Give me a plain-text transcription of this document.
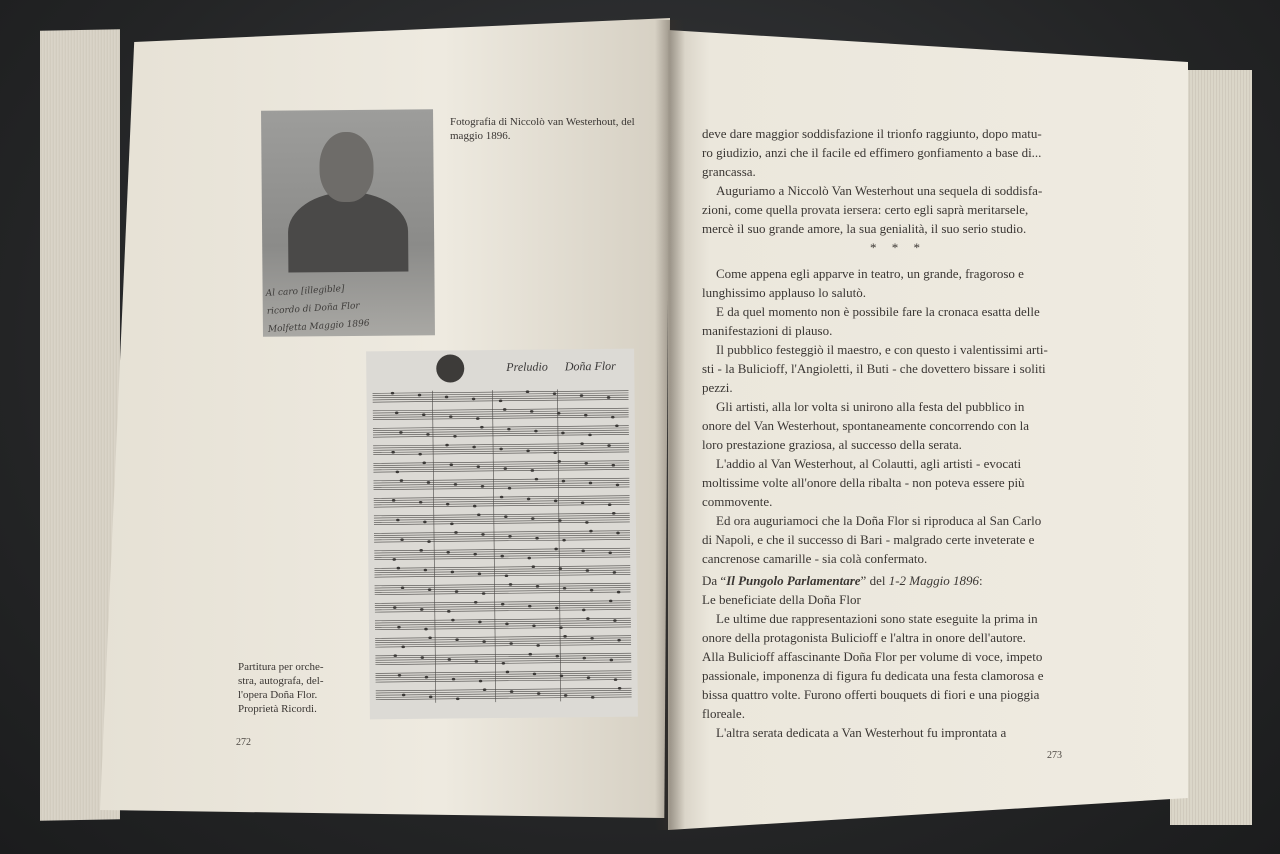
Al caro [illegible]
ricordo di Doña Flor
Molfetta Maggio 1896
Fotografia di Niccolò van Westerhout, del maggio 1896.
Preludio Doña Flor
Partitura per orche-
stra, autografa, del-
l'opera Doña Flor.
Proprietà Ricordi.
272

deve dare maggior soddisfazione il trionfo raggiunto, dopo matu-

ro giudizio, anzi che il facile ed effimero gonfiamento a base di...

grancassa.

Auguriamo a Niccolò Van Westerhout una sequela di soddisfa-

zioni, come quella provata iersera: certo egli saprà meritarsele,

mercè il suo grande amore, la sua genialità, il suo serio studio.

* * *

Come appena egli apparve in teatro, un grande, fragoroso e

lunghissimo applauso lo salutò.

E da quel momento non è possibile fare la cronaca esatta delle

manifestazioni di plauso.

Il pubblico festeggiò il maestro, e con questo i valentissimi arti-

sti - la Bulicioff, l'Angioletti, il Buti - che dovettero bissare i soliti

pezzi.

Gli artisti, alla lor volta si unirono alla festa del pubblico in

onore del Van Westerhout, spontaneamente concorrendo con la

loro prestazione graziosa, al successo della serata.

L'addio al Van Westerhout, al Colautti, agli artisti - evocati

moltissime volte all'onore della ribalta - non poteva essere più

commovente.

Ed ora auguriamoci che la Doña Flor si riproduca al San Carlo

di Napoli, e che il successo di Bari - malgrado certe inveterate e

cancrenose camarille - sia colà confermato.

Da “Il Pungolo Parlamentare” del 1-2 Maggio 1896:

Le beneficiate della Doña Flor

Le ultime due rappresentazioni sono state eseguite la prima in

onore della protagonista Bulicioff e l'altra in onore dell'autore.

Alla Bulicioff affascinante Doña Flor per volume di voce, impeto

passionale, imponenza di figura fu dedicata una festa clamorosa e

bissa quattro volte. Furono offerti bouquets di fiori e una pioggia

floreale.

L'altra serata dedicata a Van Westerhout fu improntata a

273
